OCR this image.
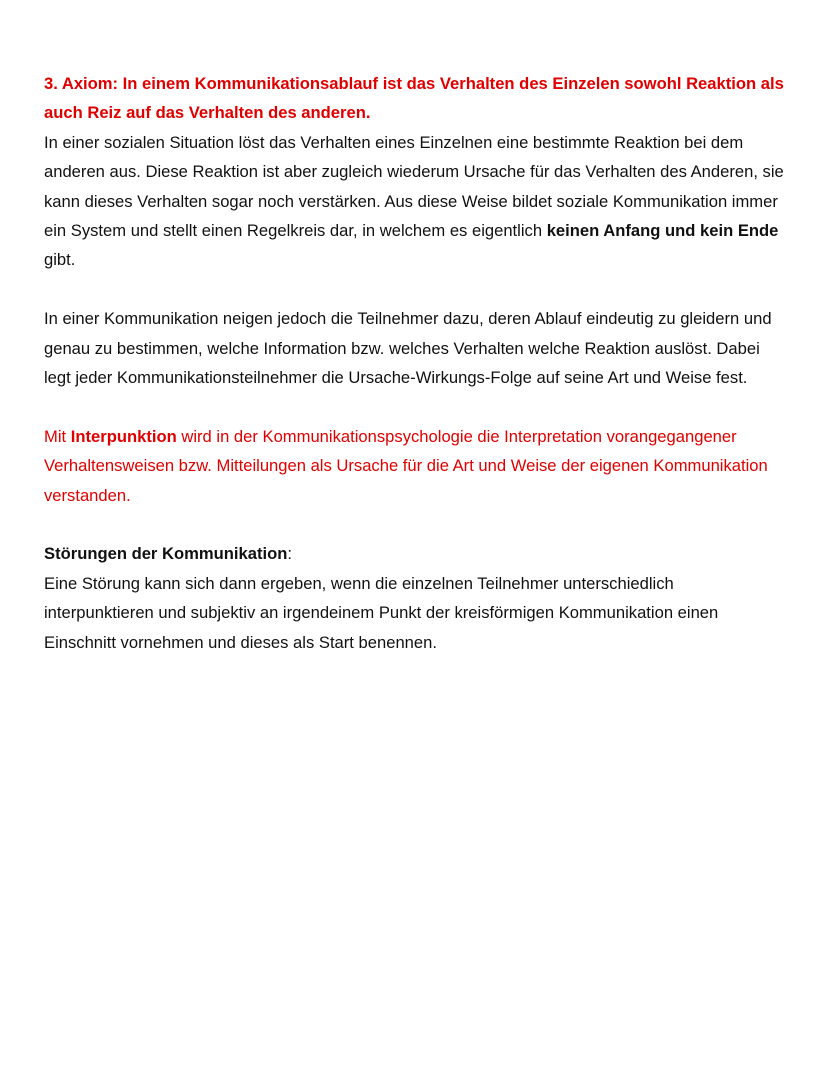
3. Axiom: In einem Kommunikationsablauf ist das Verhalten des Einzelen sowohl Reaktion als auch Reiz auf das Verhalten des anderen.

In einer sozialen Situation löst das Verhalten eines Einzelnen eine bestimmte Reaktion bei dem anderen aus. Diese Reaktion ist aber zugleich wiederum Ursache für das Verhalten des Anderen, sie kann dieses Verhalten sogar noch verstärken. Aus diese Weise bildet soziale Kommunikation immer ein System und stellt einen Regelkreis dar, in welchem es eigentlich keinen Anfang und kein Ende gibt.

In einer Kommunikation neigen jedoch die Teilnehmer dazu, deren Ablauf eindeutig zu gleidern und genau zu bestimmen, welche Information bzw. welches Verhalten welche Reaktion auslöst. Dabei legt jeder Kommunikationsteilnehmer die Ursache-Wirkungs-Folge auf seine Art und Weise fest.

Mit Interpunktion wird in der Kommunikationspsychologie die Interpretation vorangegangener Verhaltensweisen bzw. Mitteilungen als Ursache für die Art und Weise der eigenen Kommunikation verstanden.

Störungen der Kommunikation:

Eine Störung kann sich dann ergeben, wenn die einzelnen Teilnehmer unterschiedlich interpunktieren und subjektiv an irgendeinem Punkt der kreisförmigen Kommunikation einen Einschnitt vornehmen und dieses als Start benennen.
